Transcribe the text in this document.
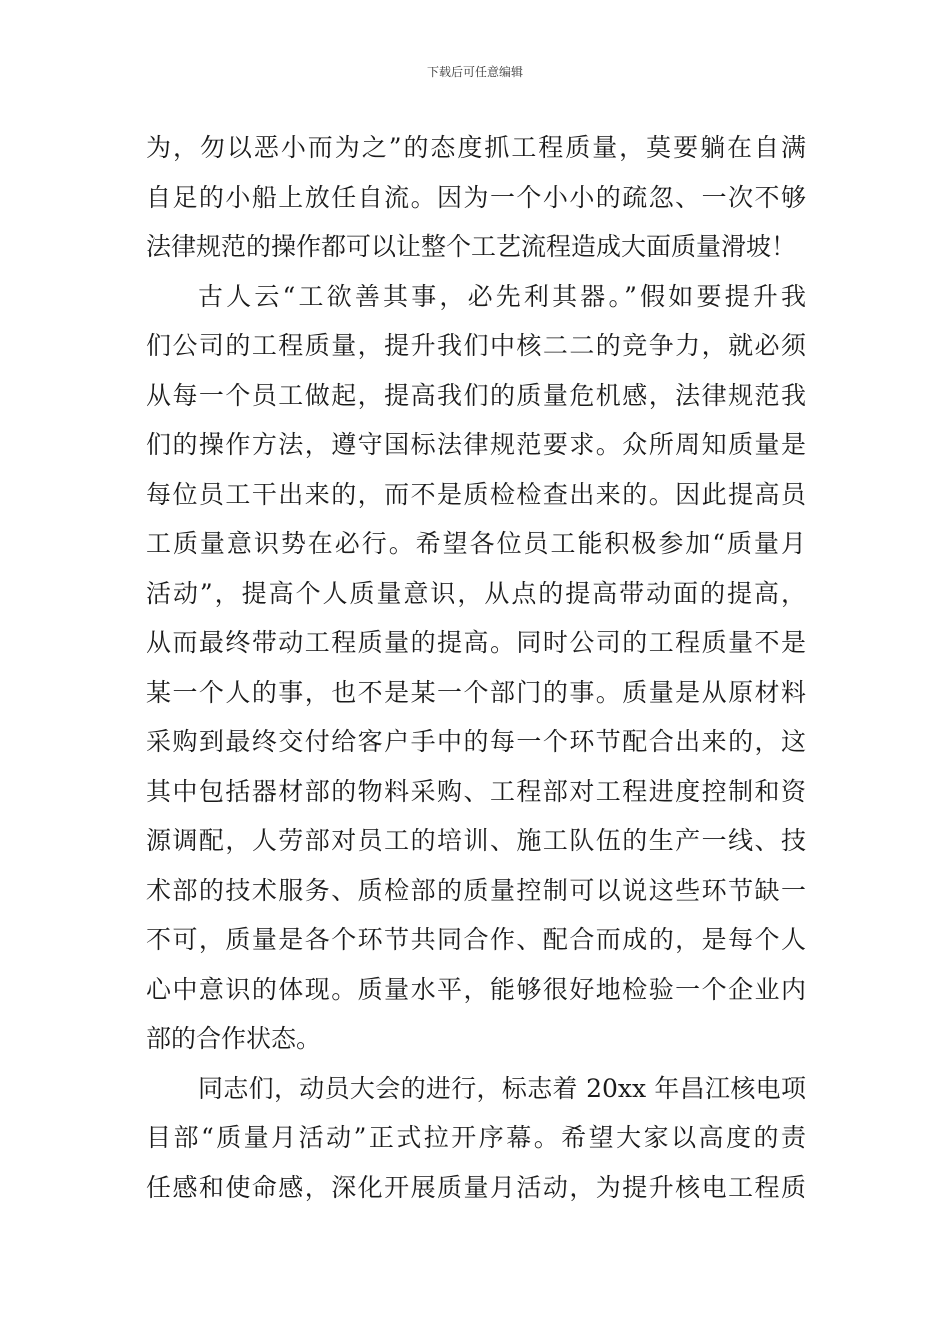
下载后可任意编辑
为，勿以恶小而为之”的态度抓工程质量，莫要躺在自满
自足的小船上放任自流。因为一个小小的疏忽、一次不够
法律规范的操作都可以让整个工艺流程造成大面质量滑坡！
古人云“工欲善其事，必先利其器。”假如要提升我
们公司的工程质量，提升我们中核二二的竞争力，就必须
从每一个员工做起，提高我们的质量危机感，法律规范我
们的操作方法，遵守国标法律规范要求。众所周知质量是
每位员工干出来的，而不是质检检查出来的。因此提高员
工质量意识势在必行。希望各位员工能积极参加“质量月
活动”，提高个人质量意识，从点的提高带动面的提高，
从而最终带动工程质量的提高。同时公司的工程质量不是
某一个人的事，也不是某一个部门的事。质量是从原材料
采购到最终交付给客户手中的每一个环节配合出来的，这
其中包括器材部的物料采购、工程部对工程进度控制和资
源调配，人劳部对员工的培训、施工队伍的生产一线、技
术部的技术服务、质检部的质量控制可以说这些环节缺一
不可，质量是各个环节共同合作、配合而成的，是每个人
心中意识的体现。质量水平，能够很好地检验一个企业内
部的合作状态。
同志们，动员大会的进行，标志着 20xx 年昌江核电项
目部“质量月活动”正式拉开序幕。希望大家以高度的责
任感和使命感，深化开展质量月活动，为提升核电工程质
